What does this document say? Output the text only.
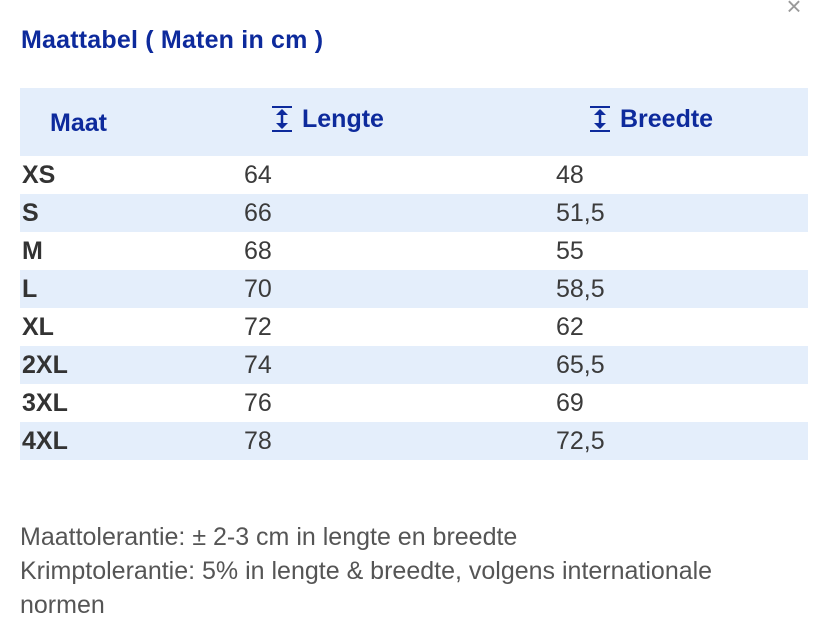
×
Maattabel ( Maten in cm )
Maat	Lengte	Breedte

XS	64	48
S	66	51,5
M	68	55
L	70	58,5
XL	72	62
2XL	74	65,5
3XL	76	69
4XL	78	72,5

Maattolerantie: ± 2-3 cm in lengte en breedte

Krimptolerantie: 5% in lengte & breedte, volgens internationale normen
